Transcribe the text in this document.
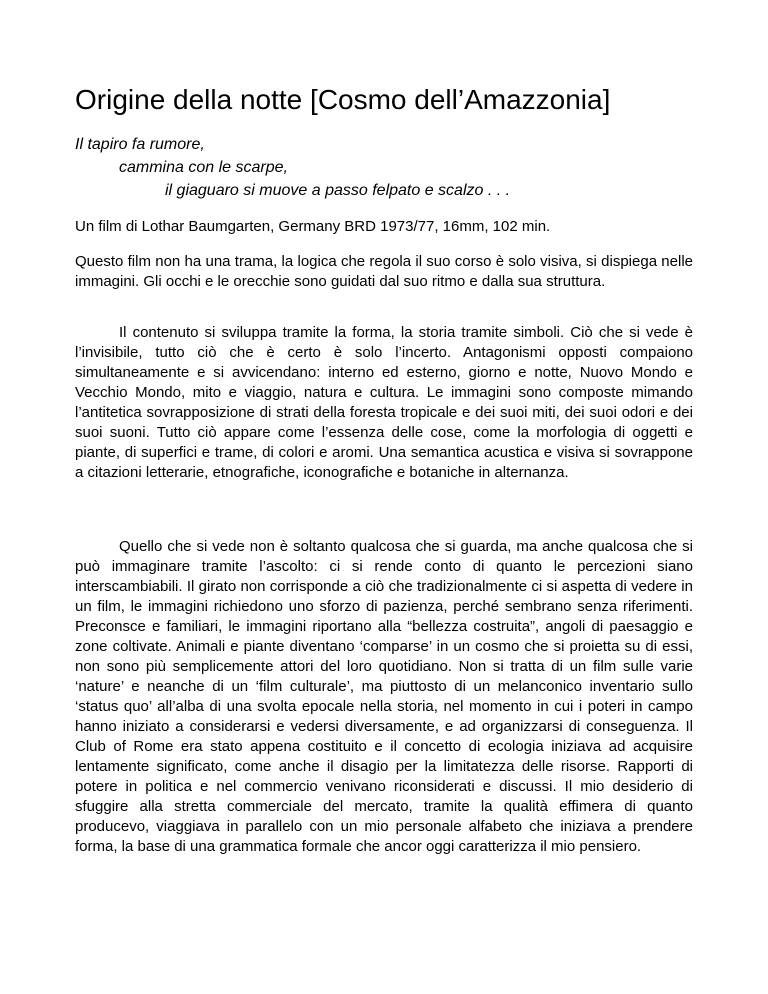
Origine della notte [Cosmo dell’Amazzonia]
Il tapiro fa rumore,
cammina con le scarpe,
il giaguaro si muove a passo felpato e scalzo . . .

Un film di Lothar Baumgarten, Germany BRD 1973/77, 16mm, 102 min.

Questo film non ha una trama, la logica che regola il suo corso è solo visiva, si dispiega nelle immagini. Gli occhi e le orecchie sono guidati dal suo ritmo e dalla sua struttura.

Il contenuto si sviluppa tramite la forma, la storia tramite simboli. Ciò che si vede è l’invisibile, tutto ciò che è certo è solo l’incerto. Antagonismi opposti compaiono simultaneamente e si avvicendano: interno ed esterno, giorno e notte, Nuovo Mondo e Vecchio Mondo, mito e viaggio, natura e cultura. Le immagini sono composte mimando l’antitetica sovrapposizione di strati della foresta tropicale e dei suoi miti, dei suoi odori e dei suoi suoni. Tutto ciò appare come l’essenza delle cose, come la morfologia di oggetti e piante, di superfici e trame, di colori e aromi. Una semantica acustica e visiva si sovrappone a citazioni letterarie, etnografiche, iconografiche e botaniche in alternanza.

Quello che si vede non è soltanto qualcosa che si guarda, ma anche qualcosa che si può immaginare tramite l’ascolto: ci si rende conto di quanto le percezioni siano interscambiabili. Il girato non corrisponde a ciò che tradizionalmente ci si aspetta di vedere in un film, le immagini richiedono uno sforzo di pazienza, perché sembrano senza riferimenti. Preconsce e familiari, le immagini riportano alla “bellezza costruita”, angoli di paesaggio e zone coltivate. Animali e piante diventano ‘comparse’ in un cosmo che si proietta su di essi, non sono più semplicemente attori del loro quotidiano. Non si tratta di un film sulle varie ‘nature’ e neanche di un ‘film culturale’, ma piuttosto di un melanconico inventario sullo ‘status quo’ all’alba di una svolta epocale nella storia, nel momento in cui i poteri in campo hanno iniziato a considerarsi e vedersi diversamente, e ad organizzarsi di conseguenza. Il Club of Rome era stato appena costituito e il concetto di ecologia iniziava ad acquisire lentamente significato, come anche il disagio per la limitatezza delle risorse. Rapporti di potere in politica e nel commercio venivano riconsiderati e discussi. Il mio desiderio di sfuggire alla stretta commerciale del mercato, tramite la qualità effimera di quanto producevo, viaggiava in parallelo con un mio personale alfabeto che iniziava a prendere forma, la base di una grammatica formale che ancor oggi caratterizza il mio pensiero.
